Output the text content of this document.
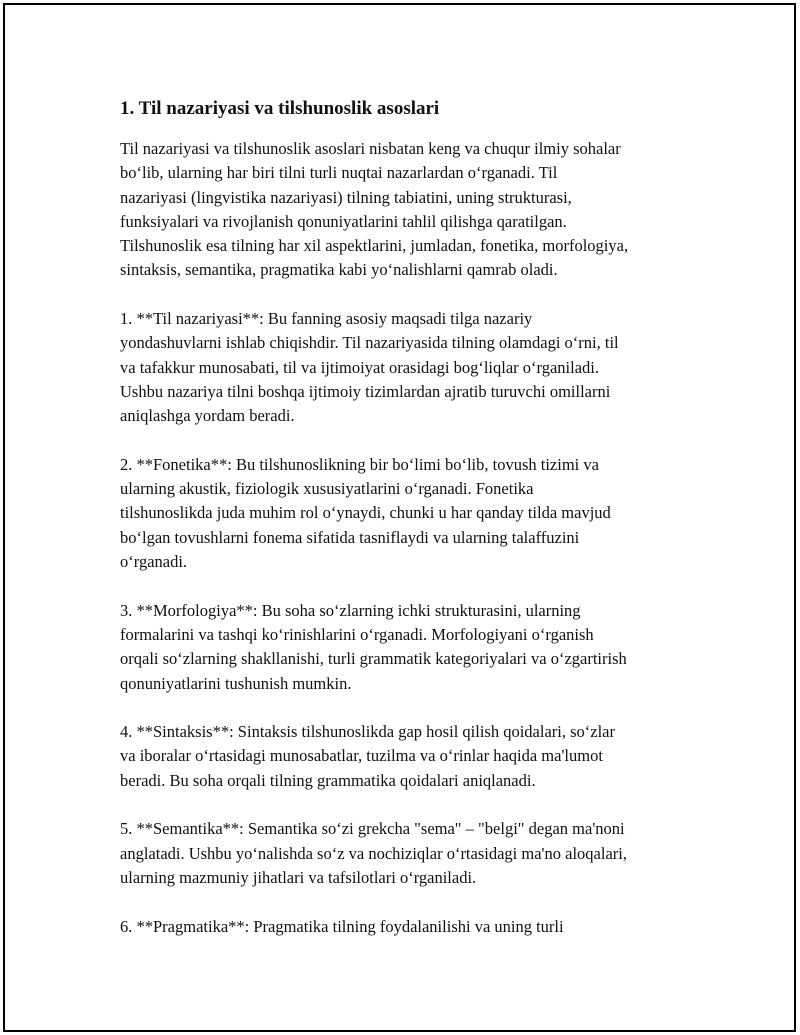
1. Til nazariyasi va tilshunoslik asoslari

Til nazariyasi va tilshunoslik asoslari nisbatan keng va chuqur ilmiy sohalar
bo‘lib, ularning har biri tilni turli nuqtai nazarlardan o‘rganadi. Til
nazariyasi (lingvistika nazariyasi) tilning tabiatini, uning strukturasi,
funksiyalari va rivojlanish qonuniyatlarini tahlil qilishga qaratilgan.
Tilshunoslik esa tilning har xil aspektlarini, jumladan, fonetika, morfologiya,
sintaksis, semantika, pragmatika kabi yo‘nalishlarni qamrab oladi.

1. **Til nazariyasi**: Bu fanning asosiy maqsadi tilga nazariy
yondashuvlarni ishlab chiqishdir. Til nazariyasida tilning olamdagi o‘rni, til
va tafakkur munosabati, til va ijtimoiyat orasidagi bog‘liqlar o‘rganiladi.
Ushbu nazariya tilni boshqa ijtimoiy tizimlardan ajratib turuvchi omillarni
aniqlashga yordam beradi.

2. **Fonetika**: Bu tilshunoslikning bir bo‘limi bo‘lib, tovush tizimi va
ularning akustik, fiziologik xususiyatlarini o‘rganadi. Fonetika
tilshunoslikda juda muhim rol o‘ynaydi, chunki u har qanday tilda mavjud
bo‘lgan tovushlarni fonema sifatida tasniflaydi va ularning talaffuzini
o‘rganadi.

3. **Morfologiya**: Bu soha so‘zlarning ichki strukturasini, ularning
formalarini va tashqi ko‘rinishlarini o‘rganadi. Morfologiyani o‘rganish
orqali so‘zlarning shakllanishi, turli grammatik kategoriyalari va o‘zgartirish
qonuniyatlarini tushunish mumkin.

4. **Sintaksis**: Sintaksis tilshunoslikda gap hosil qilish qoidalari, so‘zlar
va iboralar o‘rtasidagi munosabatlar, tuzilma va o‘rinlar haqida ma'lumot
beradi. Bu soha orqali tilning grammatika qoidalari aniqlanadi.

5. **Semantika**: Semantika so‘zi grekcha "sema" – "belgi" degan ma'noni
anglatadi. Ushbu yo‘nalishda so‘z va nochiziqlar o‘rtasidagi ma'no aloqalari,
ularning mazmuniy jihatlari va tafsilotlari o‘rganiladi.

6. **Pragmatika**: Pragmatika tilning foydalanilishi va uning turli
